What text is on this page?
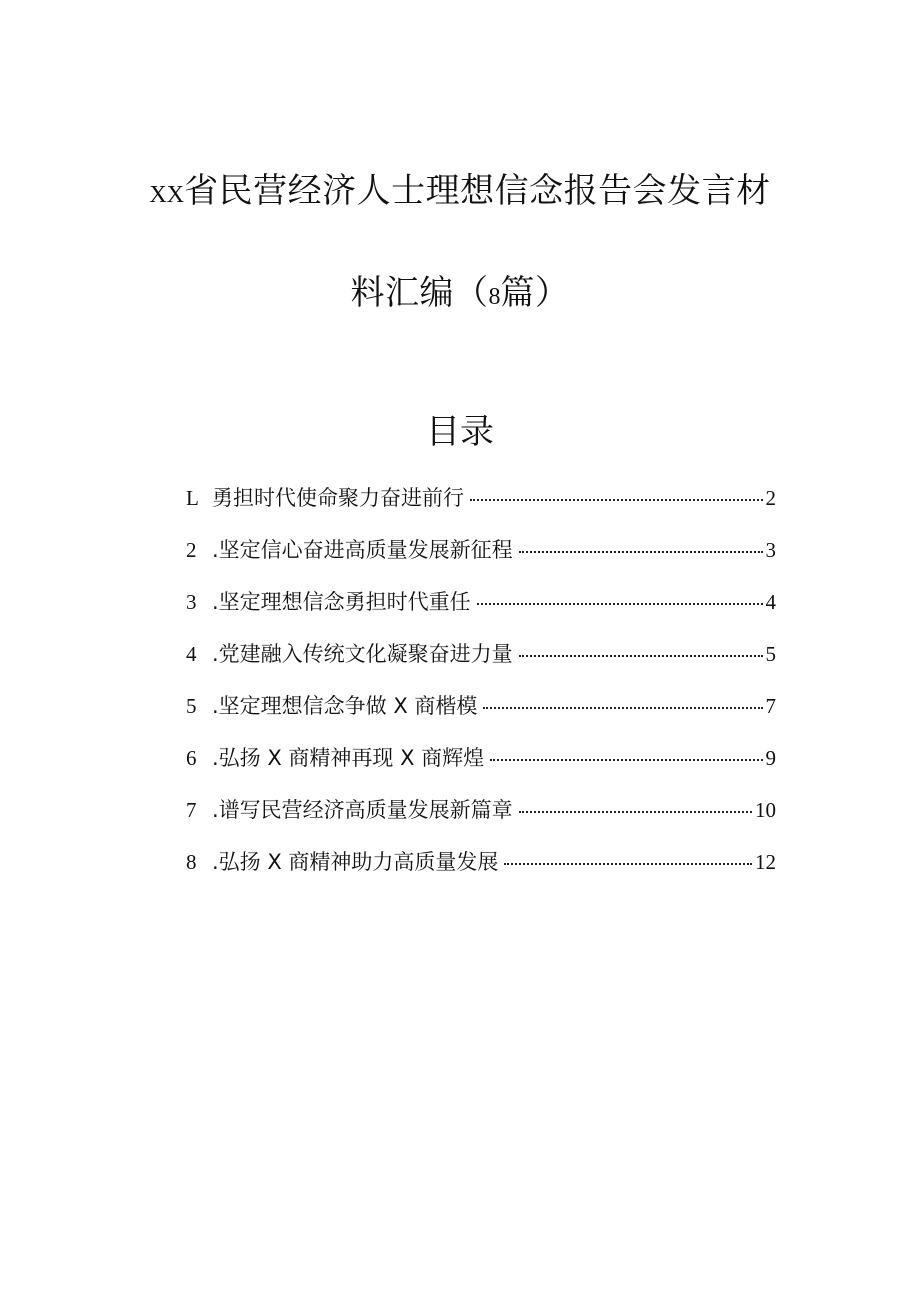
XX省民营经济人士理想信念报告会发言材
料汇编（8篇）
目录
L 勇担时代使命聚力奋进前行	2
2 .坚定信心奋进高质量发展新征程	3
3 .坚定理想信念勇担时代重任	4
4 .党建融入传统文化凝聚奋进力量	5
5 .坚定理想信念争做 X 商楷模	7
6 .弘扬 X 商精神再现 X 商辉煌	9
7 .谱写民营经济高质量发展新篇章	10
8 .弘扬 X 商精神助力高质量发展	12
